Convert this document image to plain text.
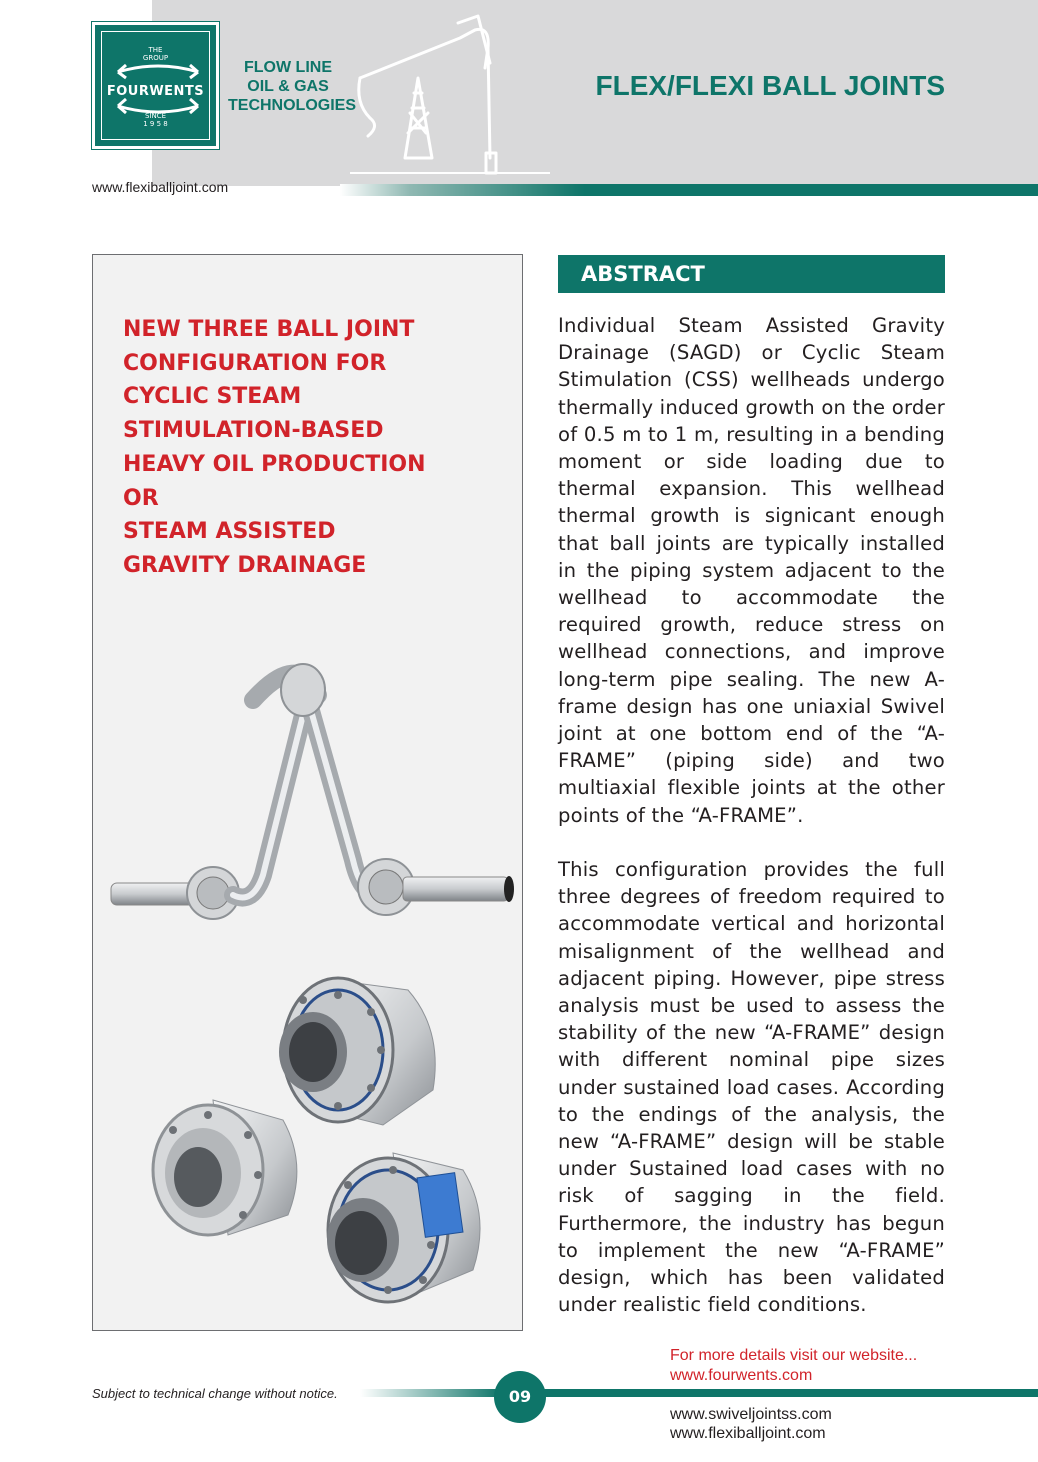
THE
GROUP
FOURWENTS
SINCE
1 9 5 8
FLOW LINE
OIL & GAS
TECHNOLOGIES
FLEX/FLEXI BALL JOINTS
www.flexiballjoint.com
NEW THREE BALL JOINT
CONFIGURATION FOR
CYCLIC STEAM
STIMULATION-BASED
HEAVY OIL PRODUCTION
OR
STEAM ASSISTED
GRAVITY DRAINAGE
ABSTRACT

Individual Steam Assisted Gravity Drainage (SAGD) or Cyclic Steam Stimulation (CSS) wellheads undergo thermally induced growth on the order of 0.5 m to 1 m, resulting in a bending moment or side loading due to thermal expansion. This wellhead thermal growth is signicant enough that ball joints are typically installed in the piping system adjacent to the wellhead to accommodate the required growth, reduce stress on wellhead connections, and improve long-term pipe sealing. The new A-frame design has one uniaxial Swivel joint at one bottom end of the “A-FRAME” (piping side) and two multiaxial flexible joints at the other points of the “A-FRAME”.

This configuration provides the full three degrees of freedom required to accommodate vertical and horizontal misalignment of the wellhead and adjacent piping. However, pipe stress analysis must be used to assess the stability of the new “A-FRAME” design with different nominal pipe sizes under sustained load cases. According to the endings of the analysis, the new “A-FRAME” design will be stable under Sustained load cases with no risk of sagging in the field. Furthermore, the industry has begun to implement the new “A-FRAME” design, which has been validated under realistic field conditions.

For more details visit our website...
www.fourwents.com
09
Subject to technical change without notice.
www.swiveljointss.com
www.flexiballjoint.com
